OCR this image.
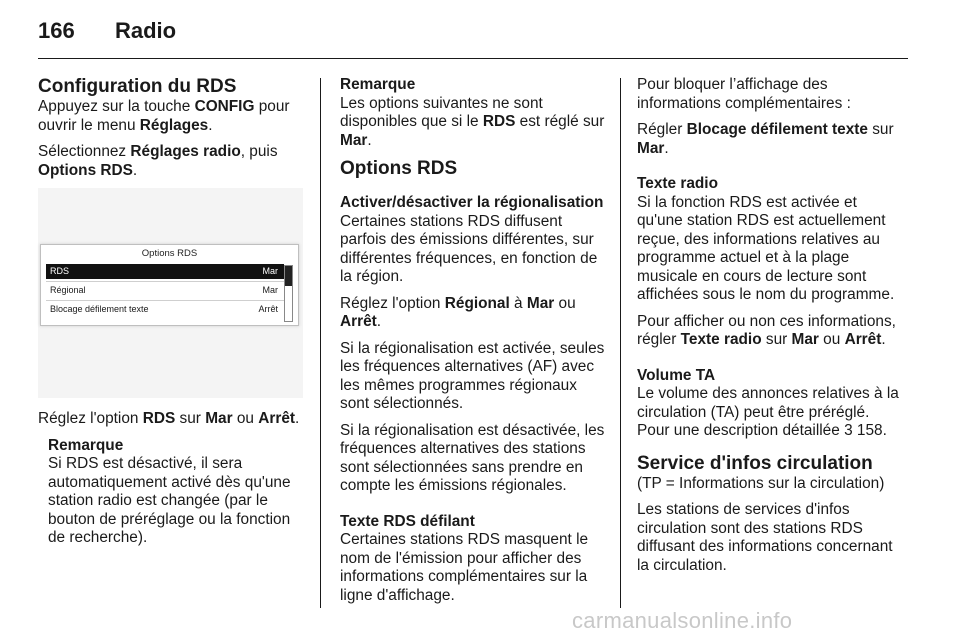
166 Radio
Configuration du RDS

Appuyez sur la touche CONFIG pour ouvrir le menu Réglages.

Sélectionnez Réglages radio, puis Options RDS.

Options RDS
RDS	Mar
Régional	Mar
Blocage défilement texte	Arrêt

Réglez l'option RDS sur Mar ou Arrêt.

Remarque
Si RDS est désactivé, il sera automatiquement activé dès qu'une station radio est changée (par le bouton de préréglage ou la fonction de recherche).
Remarque

Les options suivantes ne sont disponibles que si le RDS est réglé sur Mar.

Options RDS
Activer/désactiver la régionalisation

Certaines stations RDS diffusent parfois des émissions différentes, sur différentes fréquences, en fonction de la région.

Réglez l'option Régional à Mar ou Arrêt.

Si la régionalisation est activée, seules les fréquences alternatives (AF) avec les mêmes programmes régionaux sont sélectionnés.

Si la régionalisation est désactivée, les fréquences alternatives des stations sont sélectionnées sans prendre en compte les émissions régionales.

Texte RDS défilant

Certaines stations RDS masquent le nom de l'émission pour afficher des informations complémentaires sur la ligne d'affichage.

Pour bloquer l’affichage des informations complémentaires :

Régler Blocage défilement texte sur Mar.

Texte radio

Si la fonction RDS est activée et qu'une station RDS est actuellement reçue, des informations relatives au programme actuel et à la plage musicale en cours de lecture sont affichées sous le nom du programme.

Pour afficher ou non ces informations, régler Texte radio sur Mar ou Arrêt.

Volume TA

Le volume des annonces relatives à la circulation (TA) peut être préréglé. Pour une description détaillée 3 158.

Service d'infos circulation

(TP = Informations sur la circulation)

Les stations de services d'infos circulation sont des stations RDS diffusant des informations concernant la circulation.

carmanualsonline.info
